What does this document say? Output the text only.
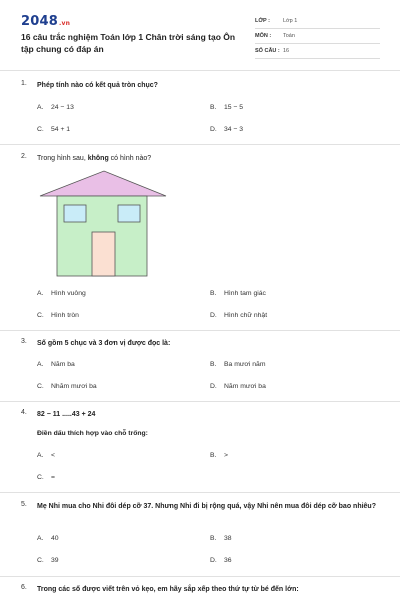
2048.vn
16 câu trắc nghiệm Toán lớp 1 Chân trời sáng tạo Ôn tập chung có đáp án
LỚP :	Lớp 1
MÔN :	Toán
SỐ CÂU : 16
1.	Phép tính nào có kết quả tròn chục?
A. 24 − 13	B. 15 − 5
C. 54 + 1	D. 34 − 3
2.	Trong hình sau, không có hình nào?
A. Hình vuông	B. Hình tam giác
C. Hình tròn	D. Hình chữ nhật
3.	Số gồm 5 chục và 3 đơn vị được đọc là:
A. Năm ba	B. Ba mươi năm
C. Nhăm mươi ba	D. Năm mươi ba
4.	82 − 11 .....43 + 24
Điền dấu thích hợp vào chỗ trống:
A. <	B. >
C. =
5.	Mẹ Nhi mua cho Nhi đôi dép cỡ 37. Nhưng Nhi đi bị rộng quá, vậy Nhi nên mua đôi dép cỡ bao nhiêu?
A. 40	B. 38
C. 39	D. 36
6.	Trong các số được viết trên vỏ kẹo, em hãy sắp xếp theo thứ tự từ bé đến lớn:
